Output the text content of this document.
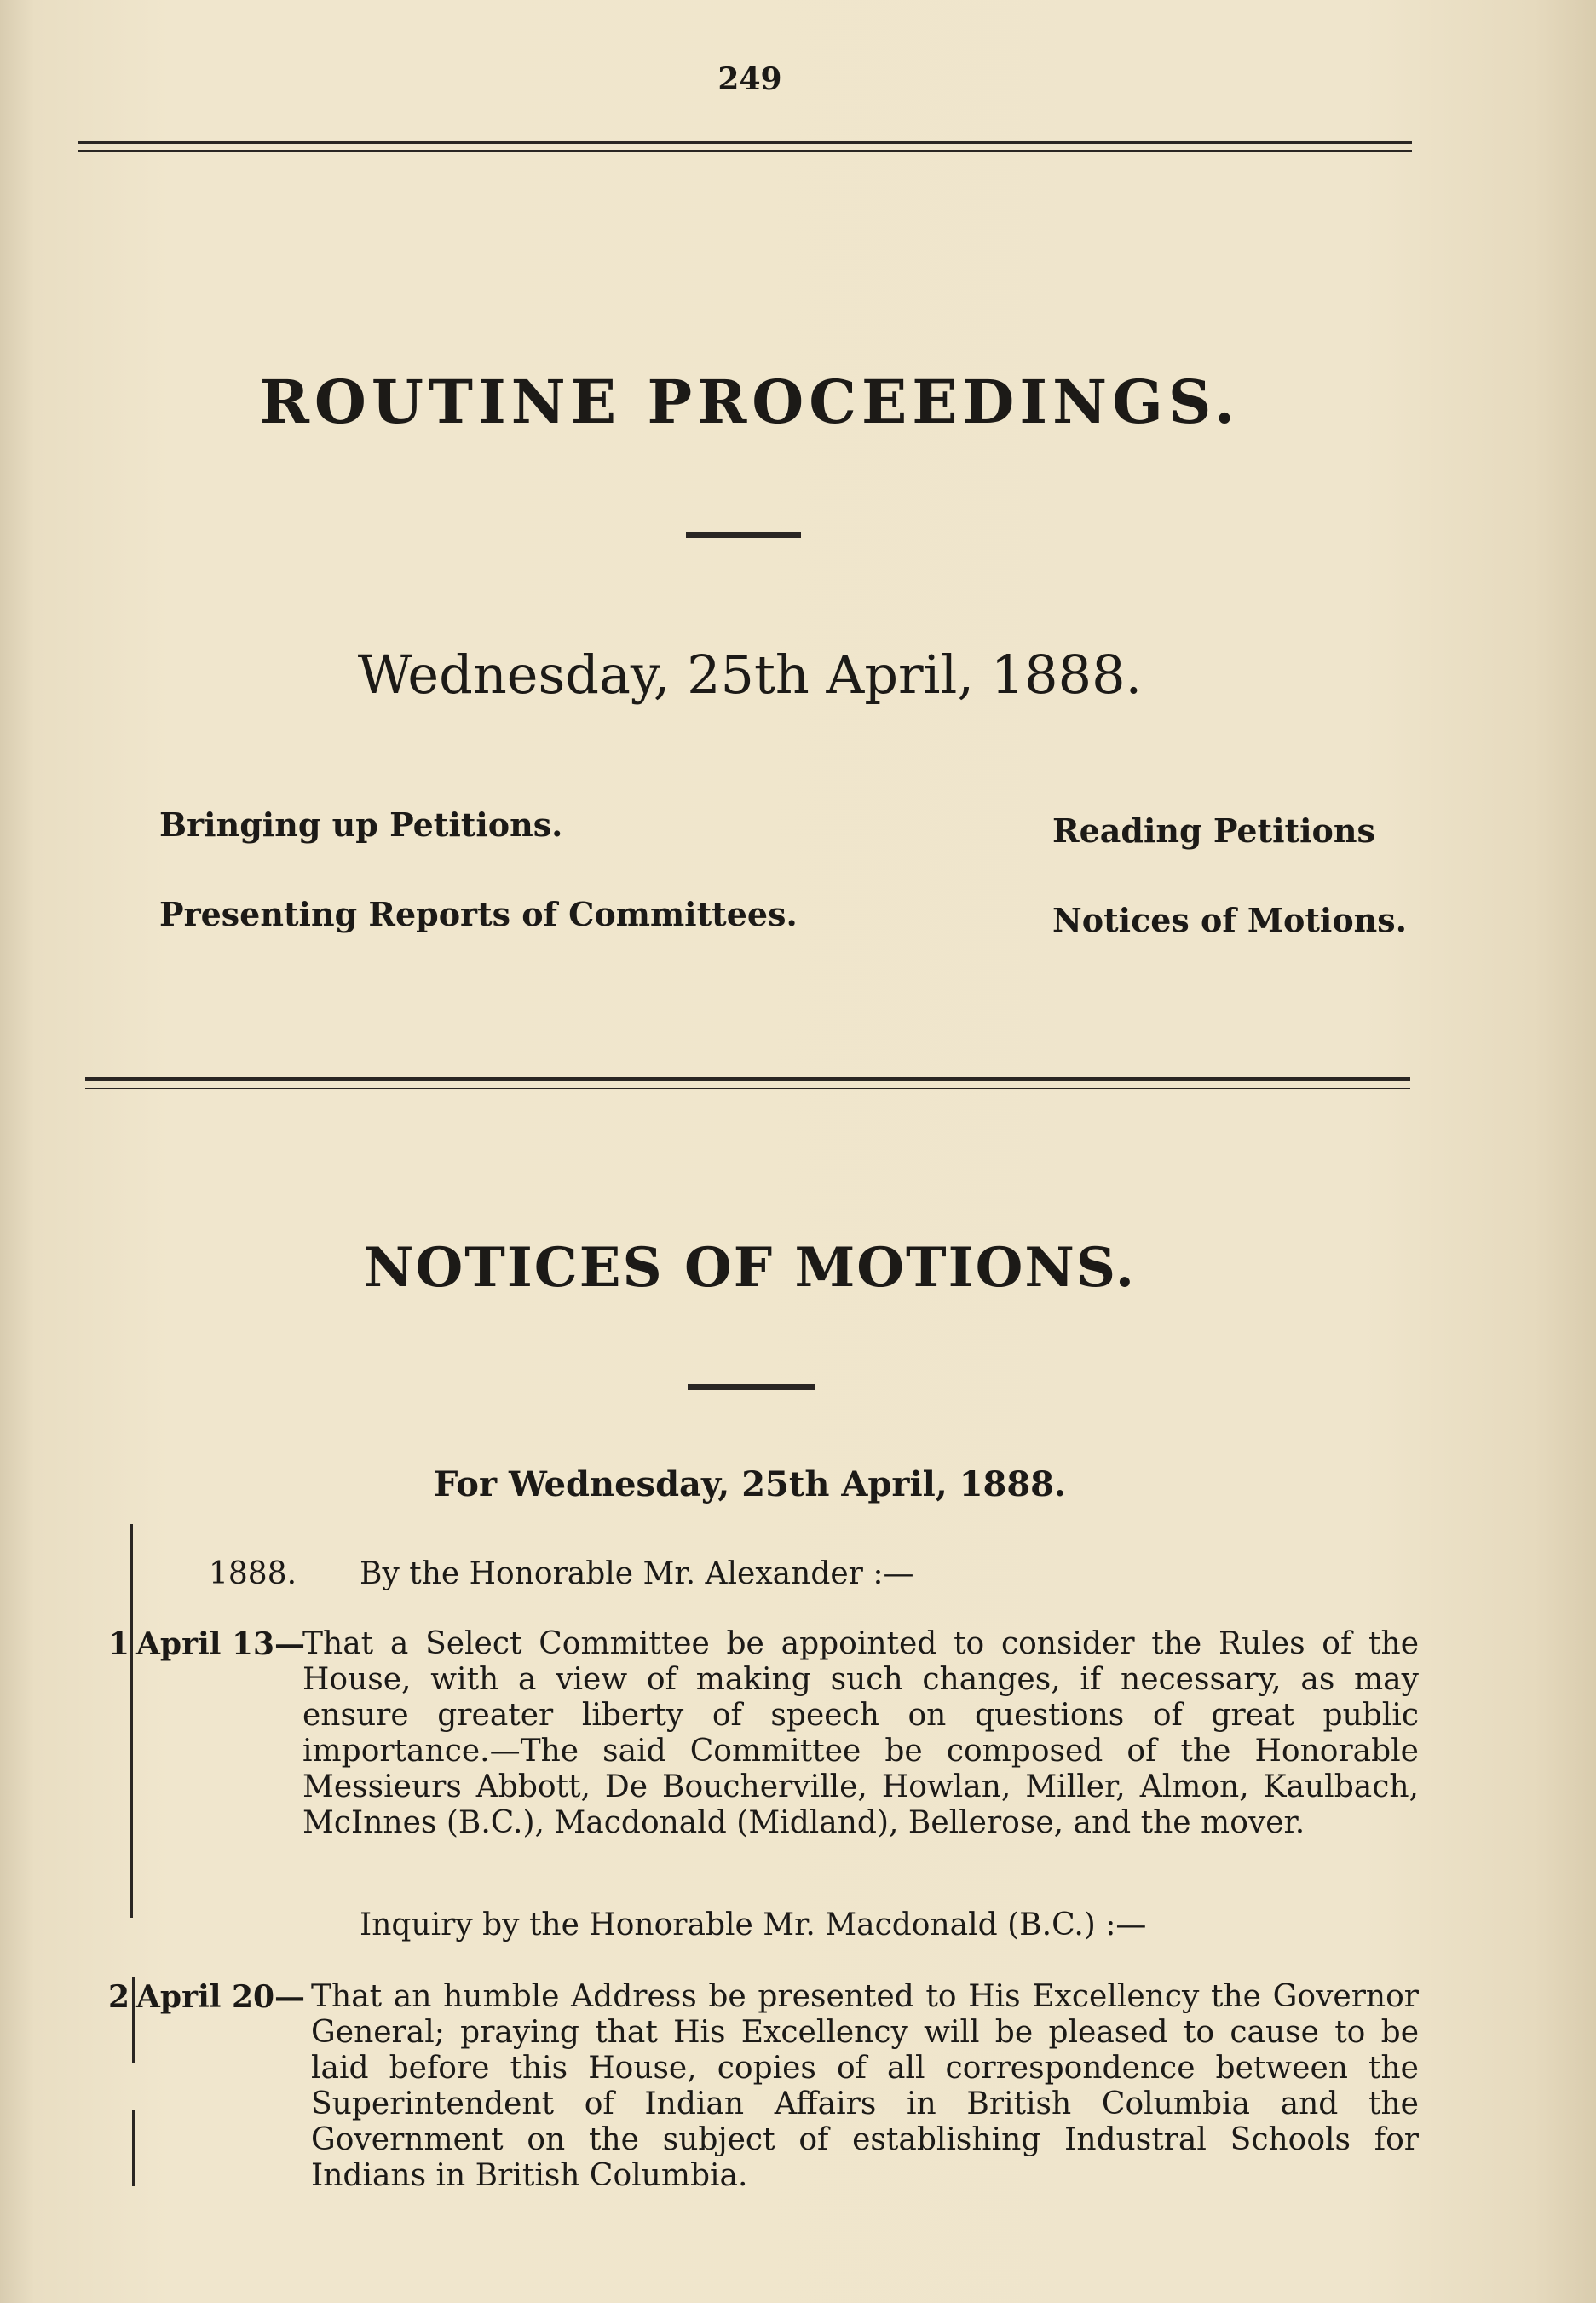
249
ROUTINE PROCEEDINGS.
Wednesday, 25th April, 1888.
Bringing up Petitions.	Reading Petitions
Presenting Reports of Committees.	Notices of Motions.
NOTICES OF MOTIONS.
For Wednesday, 25th April, 1888.
1888. By the Honorable Mr. Alexander :—
1 April 13—
That a Select Committee be appointed to consider the Rules of the House, with a view of making such changes, if necessary, as may ensure greater liberty of speech on questions of great public importance.—The said Committee be composed of the Honorable Messieurs Abbott, De Boucherville, Howlan, Miller, Almon, Kaulbach, McInnes (B.C.), Macdonald (Midland), Bellerose, and the mover.
Inquiry by the Honorable Mr. Macdonald (B.C.) :—
2 April 20— That an humble Address be presented to His Excellency the Governor General; praying that His Excellency will be pleased to cause to be laid before this House, copies of all correspondence between the Superintendent of Indian Affairs in British Columbia and the Government on the subject of establishing Industral Schools for Indians in British Columbia.
